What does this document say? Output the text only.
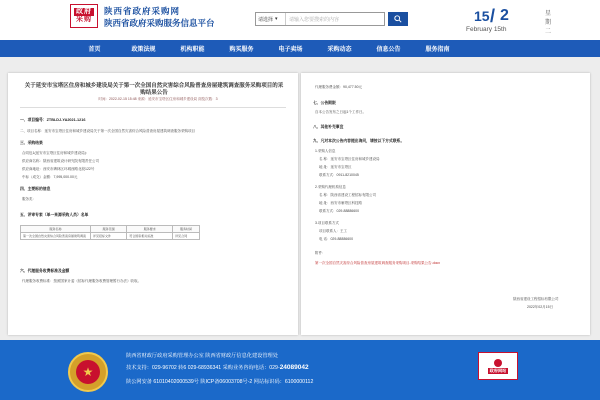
政府
采购
陕西省政府采购网
陕西省政府采购服务信息平台	请选择 ▾	请输入您要搜索的内容	15 / 2
February 15th
星期二
首页	政策法规	机构职能	购买服务	电子卖场	采购动态	信息公告	服务指南
关于延安市宝塔区住房和城乡建设局关于第一次全国自然灾害综合风险普查房屋建筑调查服务采购项目的采购结果公告
时间：2022-02-15 15:48 来源：延安市宝塔区住房和城乡建设局 浏览次数：3
一、项目编号：ZTBLDJ-YA2021-1216
二、项目名称：延安市宝塔区住房和城乡建设局关于第一次全国自然灾害综合风险普查房屋建筑调查服务采购项目
三、采购结果
合同包1(延安市宝塔区住房和城乡建设局):
供应商名称：陕西省建筑设计研究院有限责任公司
供应商地址：西安市碑林区环城西路北段122号
中标（成交）金额：7,995,000.00元
四、主要标的信息
服务类：
五、评审专家（单一来源采购人员）名单
服务名称	服务范围	服务要求	服务时间
第一次全国自然灾害综合风险普查房屋建筑调查	详见招标文件	符合国家相关标准	详见合同
六、代理服务收费标准及金额
代理服务收费标准：按照国家计委《招标代理服务收费管理暂行办法》收取。
代理服务费金额：90,477.50元
七、公告期限
自本公告发布之日起1个工作日。
八、其他补充事宜
九、凡对本次公告内容提出询问，请按以下方式联系。
1.采购人信息
名 称：延安市宝塔区住房和城乡建设局
地 址：延安市宝塔区
联系方式：0911-8210045
2.采购代理机构信息
名 称：陕西省建设工程招标有限公司
地 址：西安市雁塔区科技路
联系方式：029-88886600
3.项目联系方式
项目联系人：王工
电 话：029-88886600
附件：
第一次全国自然灾害综合风险普查房屋建筑调查服务采购项目-采购结果公告.docx
陕西省建设工程招标有限公司
2022年02月15日
★
陕西省财政厅政府采购管理办公室 陕西省财政厅信息化建设管理处
技术支持：029-96702 转6 029-68936341 采购业务咨询电话：029-24089042
陕公网安备 61010402000539号 陕ICP备06003708号-2 网站标识码：6100000112
政府网站
